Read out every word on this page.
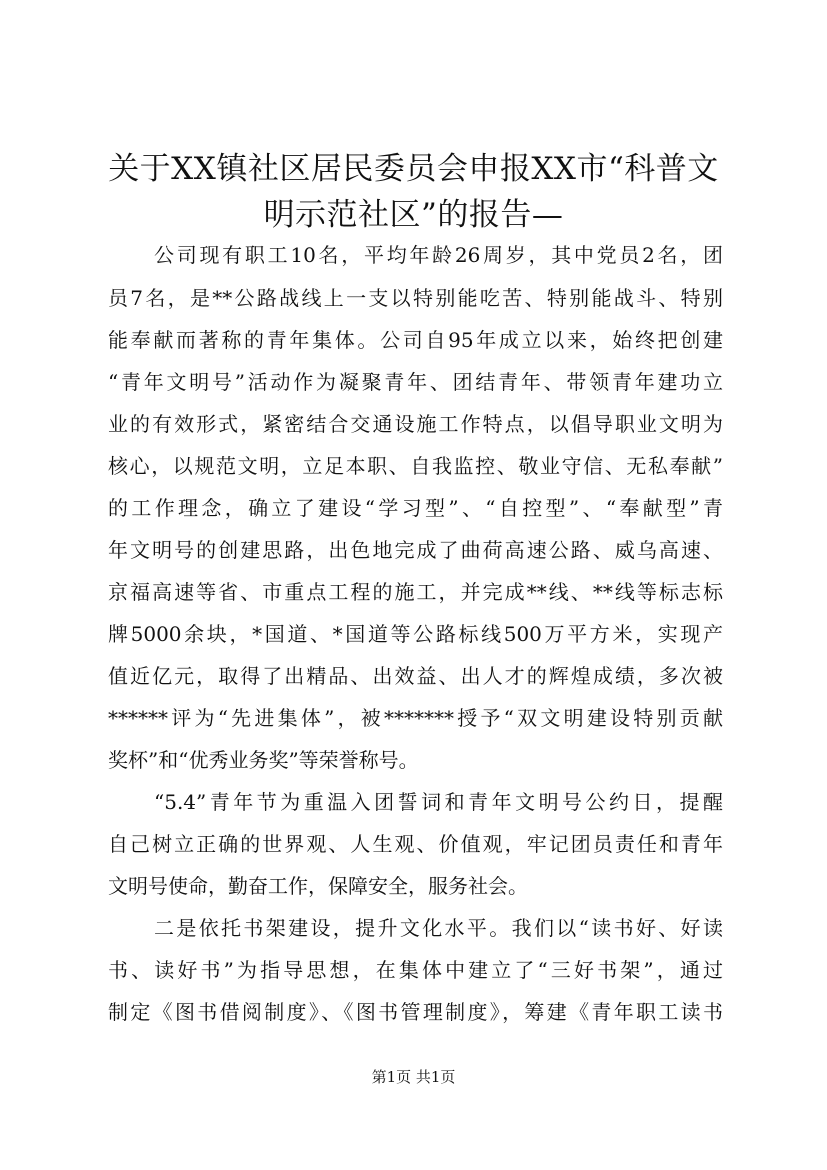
关于XX镇社区居民委员会申报XX市“科普文
明示范社区”的报告—
公司现有职工10名，平均年龄26周岁，其中党员2名，团
员7名，是**公路战线上一支以特别能吃苦、特别能战斗、特别
能奉献而著称的青年集体。公司自95年成立以来，始终把创建
“青年文明号”活动作为凝聚青年、团结青年、带领青年建功立
业的有效形式，紧密结合交通设施工作特点，以倡导职业文明为
核心，以规范文明，立足本职、自我监控、敬业守信、无私奉献”
的工作理念，确立了建设“学习型”、“自控型”、“奉献型”青
年文明号的创建思路，出色地完成了曲荷高速公路、威乌高速、
京福高速等省、市重点工程的施工，并完成**线、**线等标志标
牌5000余块，*国道、*国道等公路标线500万平方米，实现产
值近亿元，取得了出精品、出效益、出人才的辉煌成绩，多次被
******评为“先进集体”，被*******授予“双文明建设特别贡献
奖杯”和“优秀业务奖”等荣誉称号。
“5.4”青年节为重温入团誓词和青年文明号公约日，提醒
自己树立正确的世界观、人生观、价值观，牢记团员责任和青年
文明号使命，勤奋工作，保障安全，服务社会。
二是依托书架建设，提升文化水平。我们以“读书好、好读
书、读好书”为指导思想，在集体中建立了“三好书架”，通过
制定《图书借阅制度》、《图书管理制度》，筹建《青年职工读书
第1页 共1页
